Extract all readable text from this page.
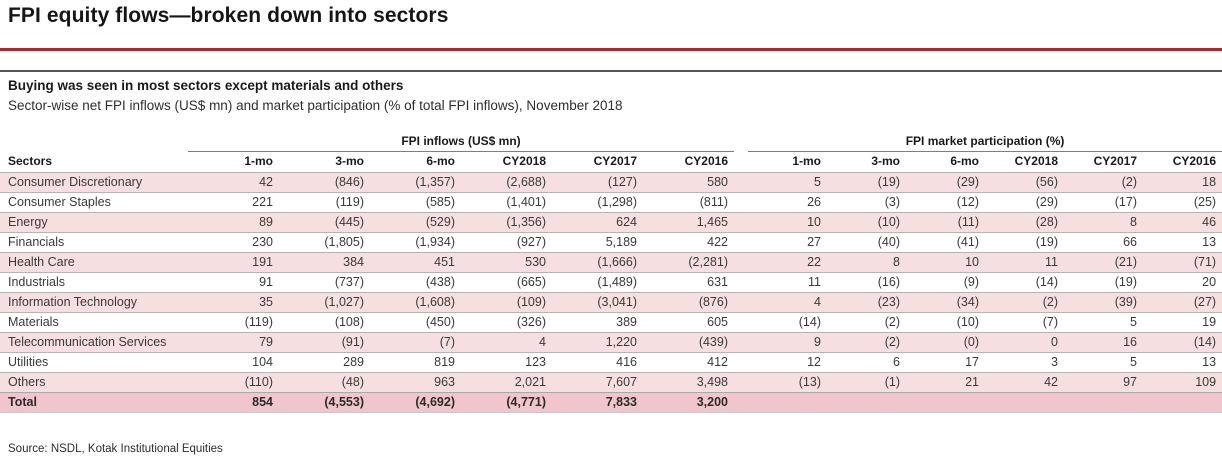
FPI equity flows—broken down into sectors
Buying was seen in most sectors except materials and others
Sector-wise net FPI inflows (US$ mn) and market participation (% of total FPI inflows), November 2018
	FPI inflows (US$ mn)							FPI market participation (%)					
Sectors	1-mo	3-mo	6-mo	CY2018	CY2017	CY2016		1-mo	3-mo	6-mo	CY2018	CY2017	CY2016
Consumer Discretionary	42	(846)	(1,357)	(2,688)	(127)	580		5	(19)	(29)	(56)	(2)	18
Consumer Staples	221	(119)	(585)	(1,401)	(1,298)	(811)		26	(3)	(12)	(29)	(17)	(25)
Energy	89	(445)	(529)	(1,356)	624	1,465		10	(10)	(11)	(28)	8	46
Financials	230	(1,805)	(1,934)	(927)	5,189	422		27	(40)	(41)	(19)	66	13
Health Care	191	384	451	530	(1,666)	(2,281)		22	8	10	11	(21)	(71)
Industrials	91	(737)	(438)	(665)	(1,489)	631		11	(16)	(9)	(14)	(19)	20
Information Technology	35	(1,027)	(1,608)	(109)	(3,041)	(876)		4	(23)	(34)	(2)	(39)	(27)
Materials	(119)	(108)	(450)	(326)	389	605		(14)	(2)	(10)	(7)	5	19
Telecommunication Services	79	(91)	(7)	4	1,220	(439)		9	(2)	(0)	0	16	(14)
Utilities	104	289	819	123	416	412		12	6	17	3	5	13
Others	(110)	(48)	963	2,021	7,607	3,498		(13)	(1)	21	42	97	109
Total	854	(4,553)	(4,692)	(4,771)	7,833	3,200							
Source: NSDL, Kotak Institutional Equities
